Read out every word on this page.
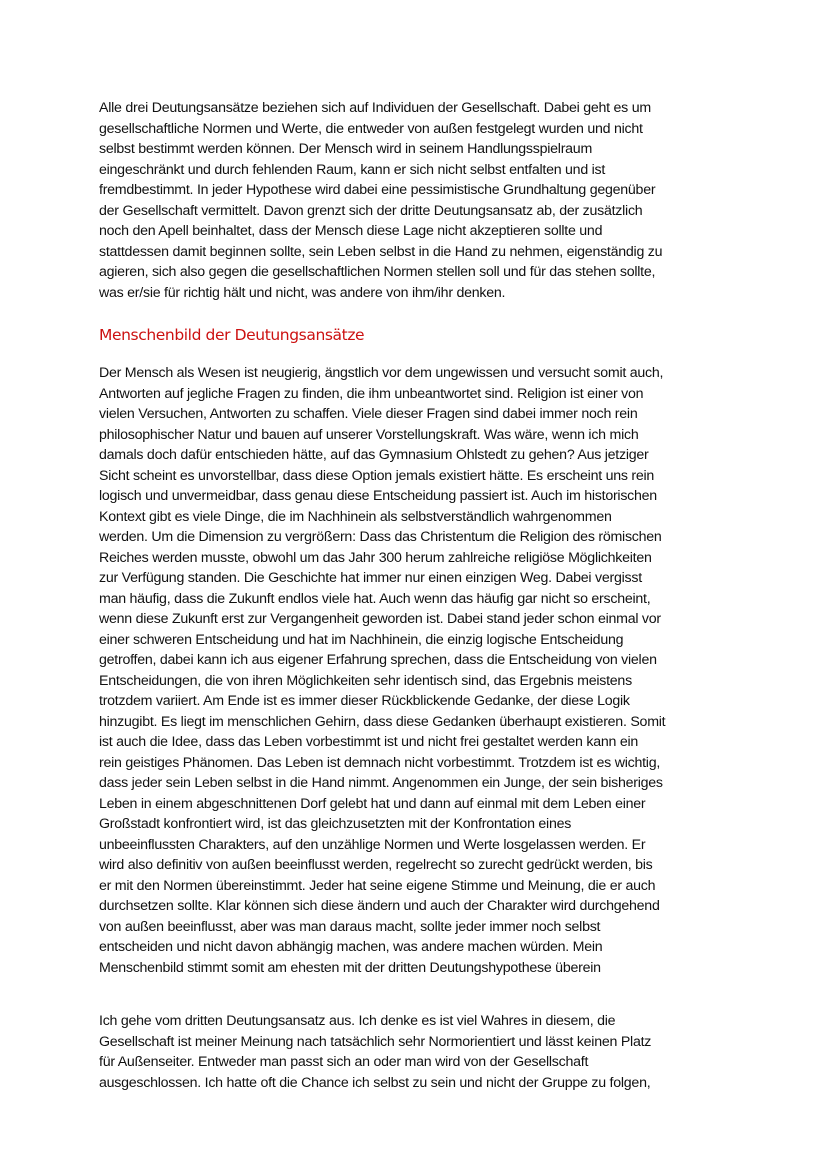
Alle drei Deutungsansätze beziehen sich auf Individuen der Gesellschaft. Dabei geht es um
gesellschaftliche Normen und Werte, die entweder von außen festgelegt wurden und nicht
selbst bestimmt werden können. Der Mensch wird in seinem Handlungsspielraum
eingeschränkt und durch fehlenden Raum, kann er sich nicht selbst entfalten und ist
fremdbestimmt. In jeder Hypothese wird dabei eine pessimistische Grundhaltung gegenüber
der Gesellschaft vermittelt. Davon grenzt sich der dritte Deutungsansatz ab, der zusätzlich
noch den Apell beinhaltet, dass der Mensch diese Lage nicht akzeptieren sollte und
stattdessen damit beginnen sollte, sein Leben selbst in die Hand zu nehmen, eigenständig zu
agieren, sich also gegen die gesellschaftlichen Normen stellen soll und für das stehen sollte,
was er/sie für richtig hält und nicht, was andere von ihm/ihr denken.
Menschenbild der Deutungsansätze
Der Mensch als Wesen ist neugierig, ängstlich vor dem ungewissen und versucht somit auch,
Antworten auf jegliche Fragen zu finden, die ihm unbeantwortet sind. Religion ist einer von
vielen Versuchen, Antworten zu schaffen. Viele dieser Fragen sind dabei immer noch rein
philosophischer Natur und bauen auf unserer Vorstellungskraft. Was wäre, wenn ich mich
damals doch dafür entschieden hätte, auf das Gymnasium Ohlstedt zu gehen? Aus jetziger
Sicht scheint es unvorstellbar, dass diese Option jemals existiert hätte. Es erscheint uns rein
logisch und unvermeidbar, dass genau diese Entscheidung passiert ist. Auch im historischen
Kontext gibt es viele Dinge, die im Nachhinein als selbstverständlich wahrgenommen
werden. Um die Dimension zu vergrößern: Dass das Christentum die Religion des römischen
Reiches werden musste, obwohl um das Jahr 300 herum zahlreiche religiöse Möglichkeiten
zur Verfügung standen. Die Geschichte hat immer nur einen einzigen Weg. Dabei vergisst
man häufig, dass die Zukunft endlos viele hat. Auch wenn das häufig gar nicht so erscheint,
wenn diese Zukunft erst zur Vergangenheit geworden ist. Dabei stand jeder schon einmal vor
einer schweren Entscheidung und hat im Nachhinein, die einzig logische Entscheidung
getroffen, dabei kann ich aus eigener Erfahrung sprechen, dass die Entscheidung von vielen
Entscheidungen, die von ihren Möglichkeiten sehr identisch sind, das Ergebnis meistens
trotzdem variiert. Am Ende ist es immer dieser Rückblickende Gedanke, der diese Logik
hinzugibt. Es liegt im menschlichen Gehirn, dass diese Gedanken überhaupt existieren. Somit
ist auch die Idee, dass das Leben vorbestimmt ist und nicht frei gestaltet werden kann ein
rein geistiges Phänomen. Das Leben ist demnach nicht vorbestimmt. Trotzdem ist es wichtig,
dass jeder sein Leben selbst in die Hand nimmt. Angenommen ein Junge, der sein bisheriges
Leben in einem abgeschnittenen Dorf gelebt hat und dann auf einmal mit dem Leben einer
Großstadt konfrontiert wird, ist das gleichzusetzten mit der Konfrontation eines
unbeeinflussten Charakters, auf den unzählige Normen und Werte losgelassen werden. Er
wird also definitiv von außen beeinflusst werden, regelrecht so zurecht gedrückt werden, bis
er mit den Normen übereinstimmt. Jeder hat seine eigene Stimme und Meinung, die er auch
durchsetzen sollte. Klar können sich diese ändern und auch der Charakter wird durchgehend
von außen beeinflusst, aber was man daraus macht, sollte jeder immer noch selbst
entscheiden und nicht davon abhängig machen, was andere machen würden. Mein
Menschenbild stimmt somit am ehesten mit der dritten Deutungshypothese überein
Ich gehe vom dritten Deutungsansatz aus. Ich denke es ist viel Wahres in diesem, die
Gesellschaft ist meiner Meinung nach tatsächlich sehr Normorientiert und lässt keinen Platz
für Außenseiter. Entweder man passt sich an oder man wird von der Gesellschaft
ausgeschlossen. Ich hatte oft die Chance ich selbst zu sein und nicht der Gruppe zu folgen,
